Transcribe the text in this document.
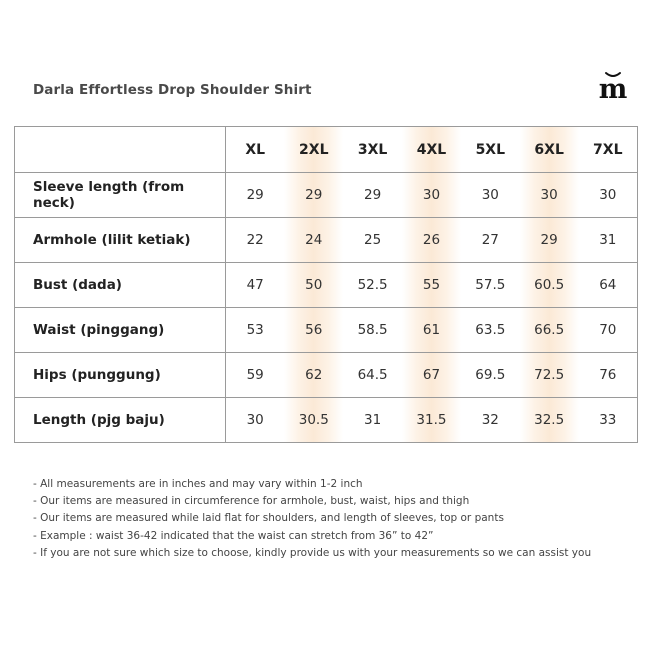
Darla Effortless Drop Shoulder Shirt	m
	XL	2XL	3XL	4XL	5XL	6XL	7XL
Sleeve length (from neck)	29	29	29	30	30	30	30
Armhole (lilit ketiak)	22	24	25	26	27	29	31
Bust (dada)	47	50	52.5	55	57.5	60.5	64
Waist (pinggang)	53	56	58.5	61	63.5	66.5	70
Hips (punggung)	59	62	64.5	67	69.5	72.5	76
Length (pjg baju)	30	30.5	31	31.5	32	32.5	33
- All measurements are in inches and may vary within 1-2 inch
- Our items are measured in circumference for armhole, bust, waist, hips and thigh
- Our items are measured while laid flat for shoulders, and length of sleeves, top or pants
- Example : waist 36-42 indicated that the waist can stretch from 36” to 42”
- If you are not sure which size to choose, kindly provide us with your measurements so we can assist you
